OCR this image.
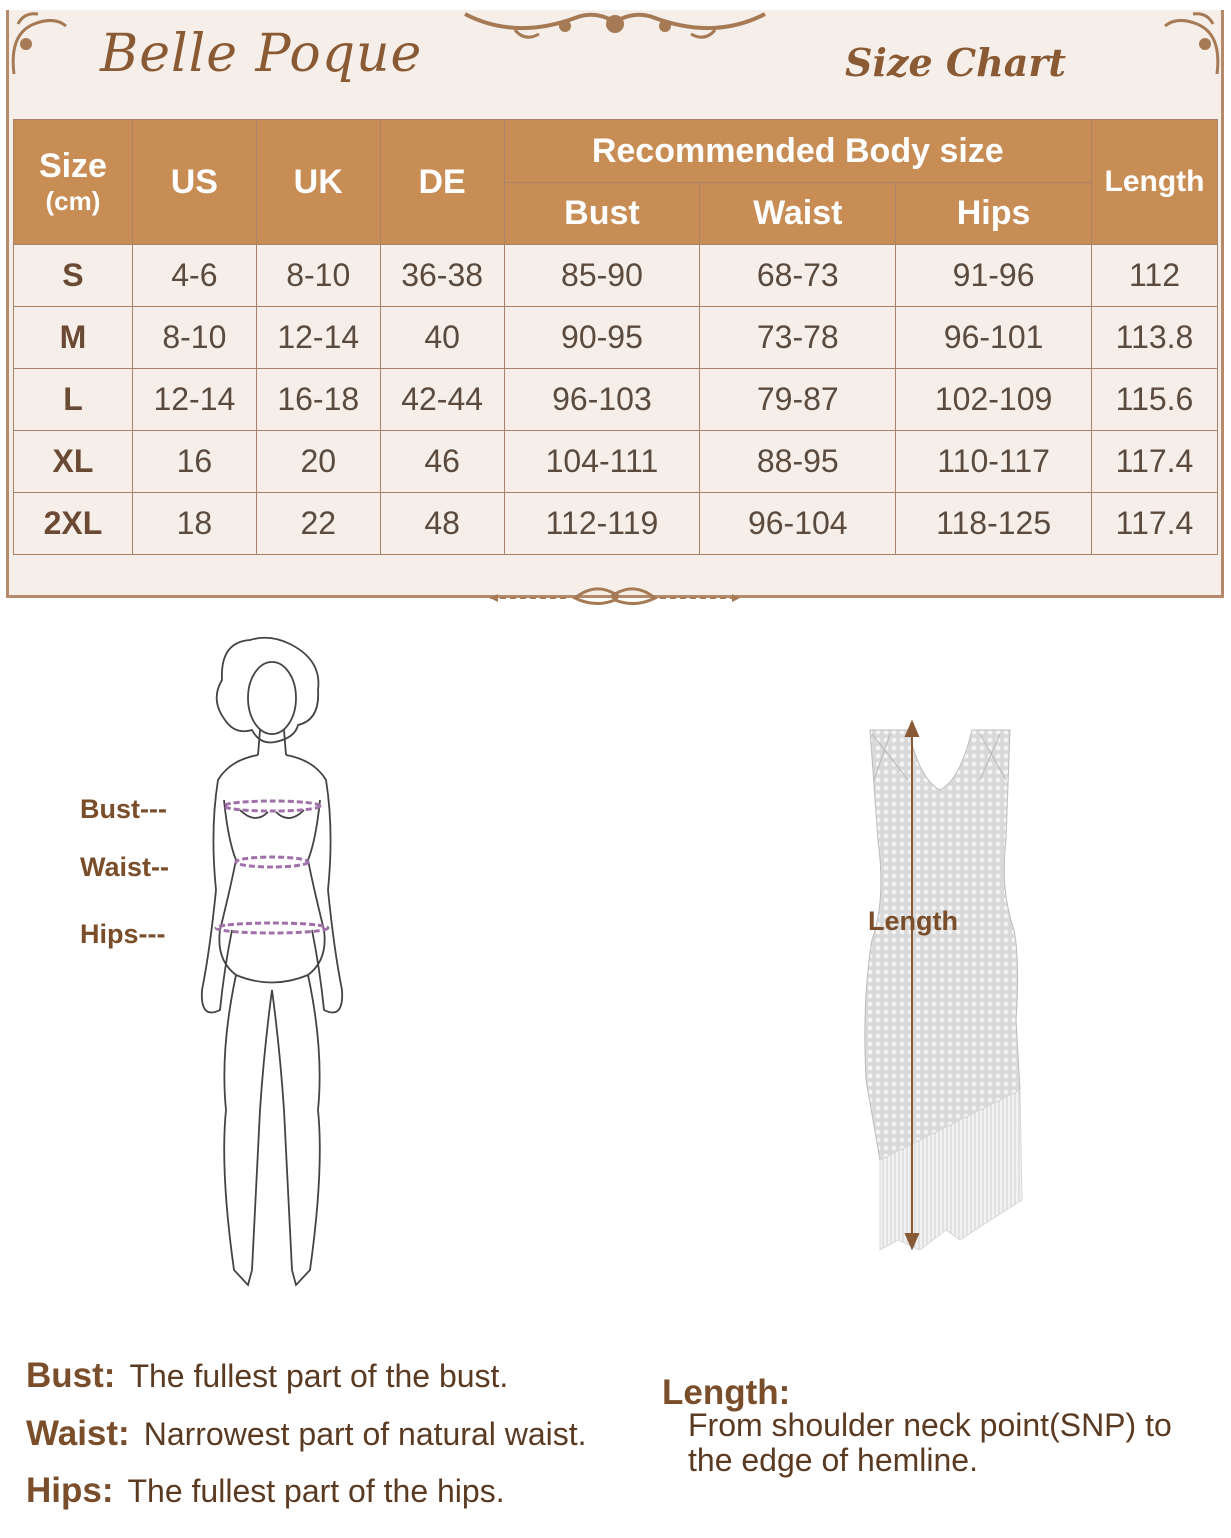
Belle Poque	Size Chart
Size
(cm)	US	UK	DE	Recommended Body size			Length
				Bust	Waist	Hips	
S	4-6	8-10	36-38	85-90	68-73	91-96	112
M	8-10	12-14	40	90-95	73-78	96-101	113.8
L	12-14	16-18	42-44	96-103	79-87	102-109	115.6
XL	16	20	46	104-111	88-95	110-117	117.4
2XL	18	22	48	112-119	96-104	118-125	117.4
Bust---
Waist--
Hips---	Length
Bust: The fullest part of the bust.
Waist: Narrowest part of natural waist.
Hips: The fullest part of the hips.
Length:
From shoulder neck point(SNP) to the edge of hemline.
